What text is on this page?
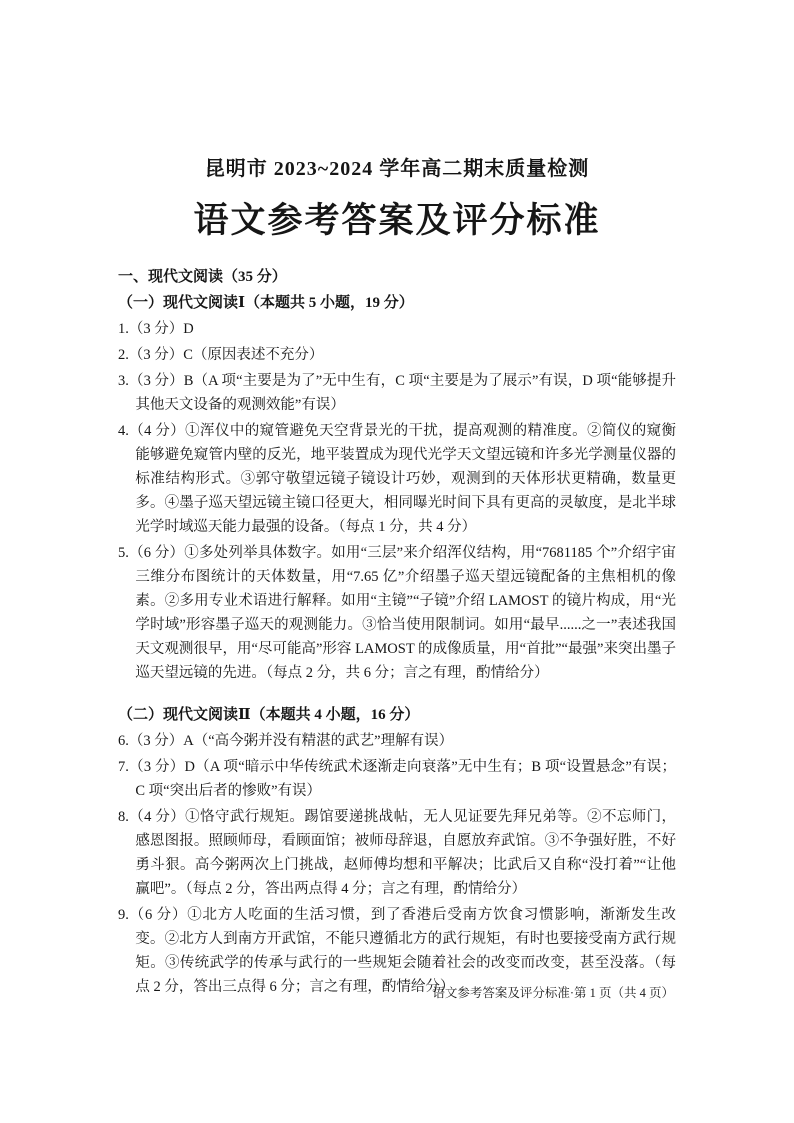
昆明市 2023~2024 学年高二期末质量检测
语文参考答案及评分标准

一、现代文阅读（35 分）

（一）现代文阅读Ⅰ（本题共 5 小题，19 分）

1.（3 分）D

2.（3 分）C（原因表述不充分）

3.（3 分）B（A 项“主要是为了”无中生有，C 项“主要是为了展示”有误，D 项“能够提升其他天文设备的观测效能”有误）

4.（4 分）①浑仪中的窥管避免天空背景光的干扰，提高观测的精准度。②简仪的窥衡能够避免窥管内壁的反光，地平装置成为现代光学天文望远镜和许多光学测量仪器的标准结构形式。③郭守敬望远镜子镜设计巧妙，观测到的天体形状更精确，数量更多。④墨子巡天望远镜主镜口径更大，相同曝光时间下具有更高的灵敏度，是北半球光学时域巡天能力最强的设备。（每点 1 分，共 4 分）

5.（6 分）①多处列举具体数字。如用“三层”来介绍浑仪结构，用“7681185 个”介绍宇宙三维分布图统计的天体数量，用“7.65 亿”介绍墨子巡天望远镜配备的主焦相机的像素。②多用专业术语进行解释。如用“主镜”“子镜”介绍 LAMOST 的镜片构成，用“光学时域”形容墨子巡天的观测能力。③恰当使用限制词。如用“最早......之一”表述我国天文观测很早，用“尽可能高”形容 LAMOST 的成像质量，用“首批”“最强”来突出墨子巡天望远镜的先进。（每点 2 分，共 6 分；言之有理，酌情给分）

（二）现代文阅读Ⅱ（本题共 4 小题，16 分）

6.（3 分）A（“高今粥并没有精湛的武艺”理解有误）

7.（3 分）D（A 项“暗示中华传统武术逐渐走向衰落”无中生有；B 项“设置悬念”有误；C 项“突出后者的惨败”有误）

8.（4 分）①恪守武行规矩。踢馆要递挑战帖，无人见证要先拜兄弟等。②不忘师门，感恩图报。照顾师母，看顾面馆；被师母辞退，自愿放弃武馆。③不争强好胜，不好勇斗狠。高今粥两次上门挑战，赵师傅均想和平解决；比武后又自称“没打着”“让他赢吧”。（每点 2 分，答出两点得 4 分；言之有理，酌情给分）

9.（6 分）①北方人吃面的生活习惯，到了香港后受南方饮食习惯影响，渐渐发生改变。②北方人到南方开武馆，不能只遵循北方的武行规矩，有时也要接受南方武行规矩。③传统武学的传承与武行的一些规矩会随着社会的改变而改变，甚至没落。（每点 2 分，答出三点得 6 分；言之有理，酌情给分）

语文参考答案及评分标准·第 1 页（共 4 页）
